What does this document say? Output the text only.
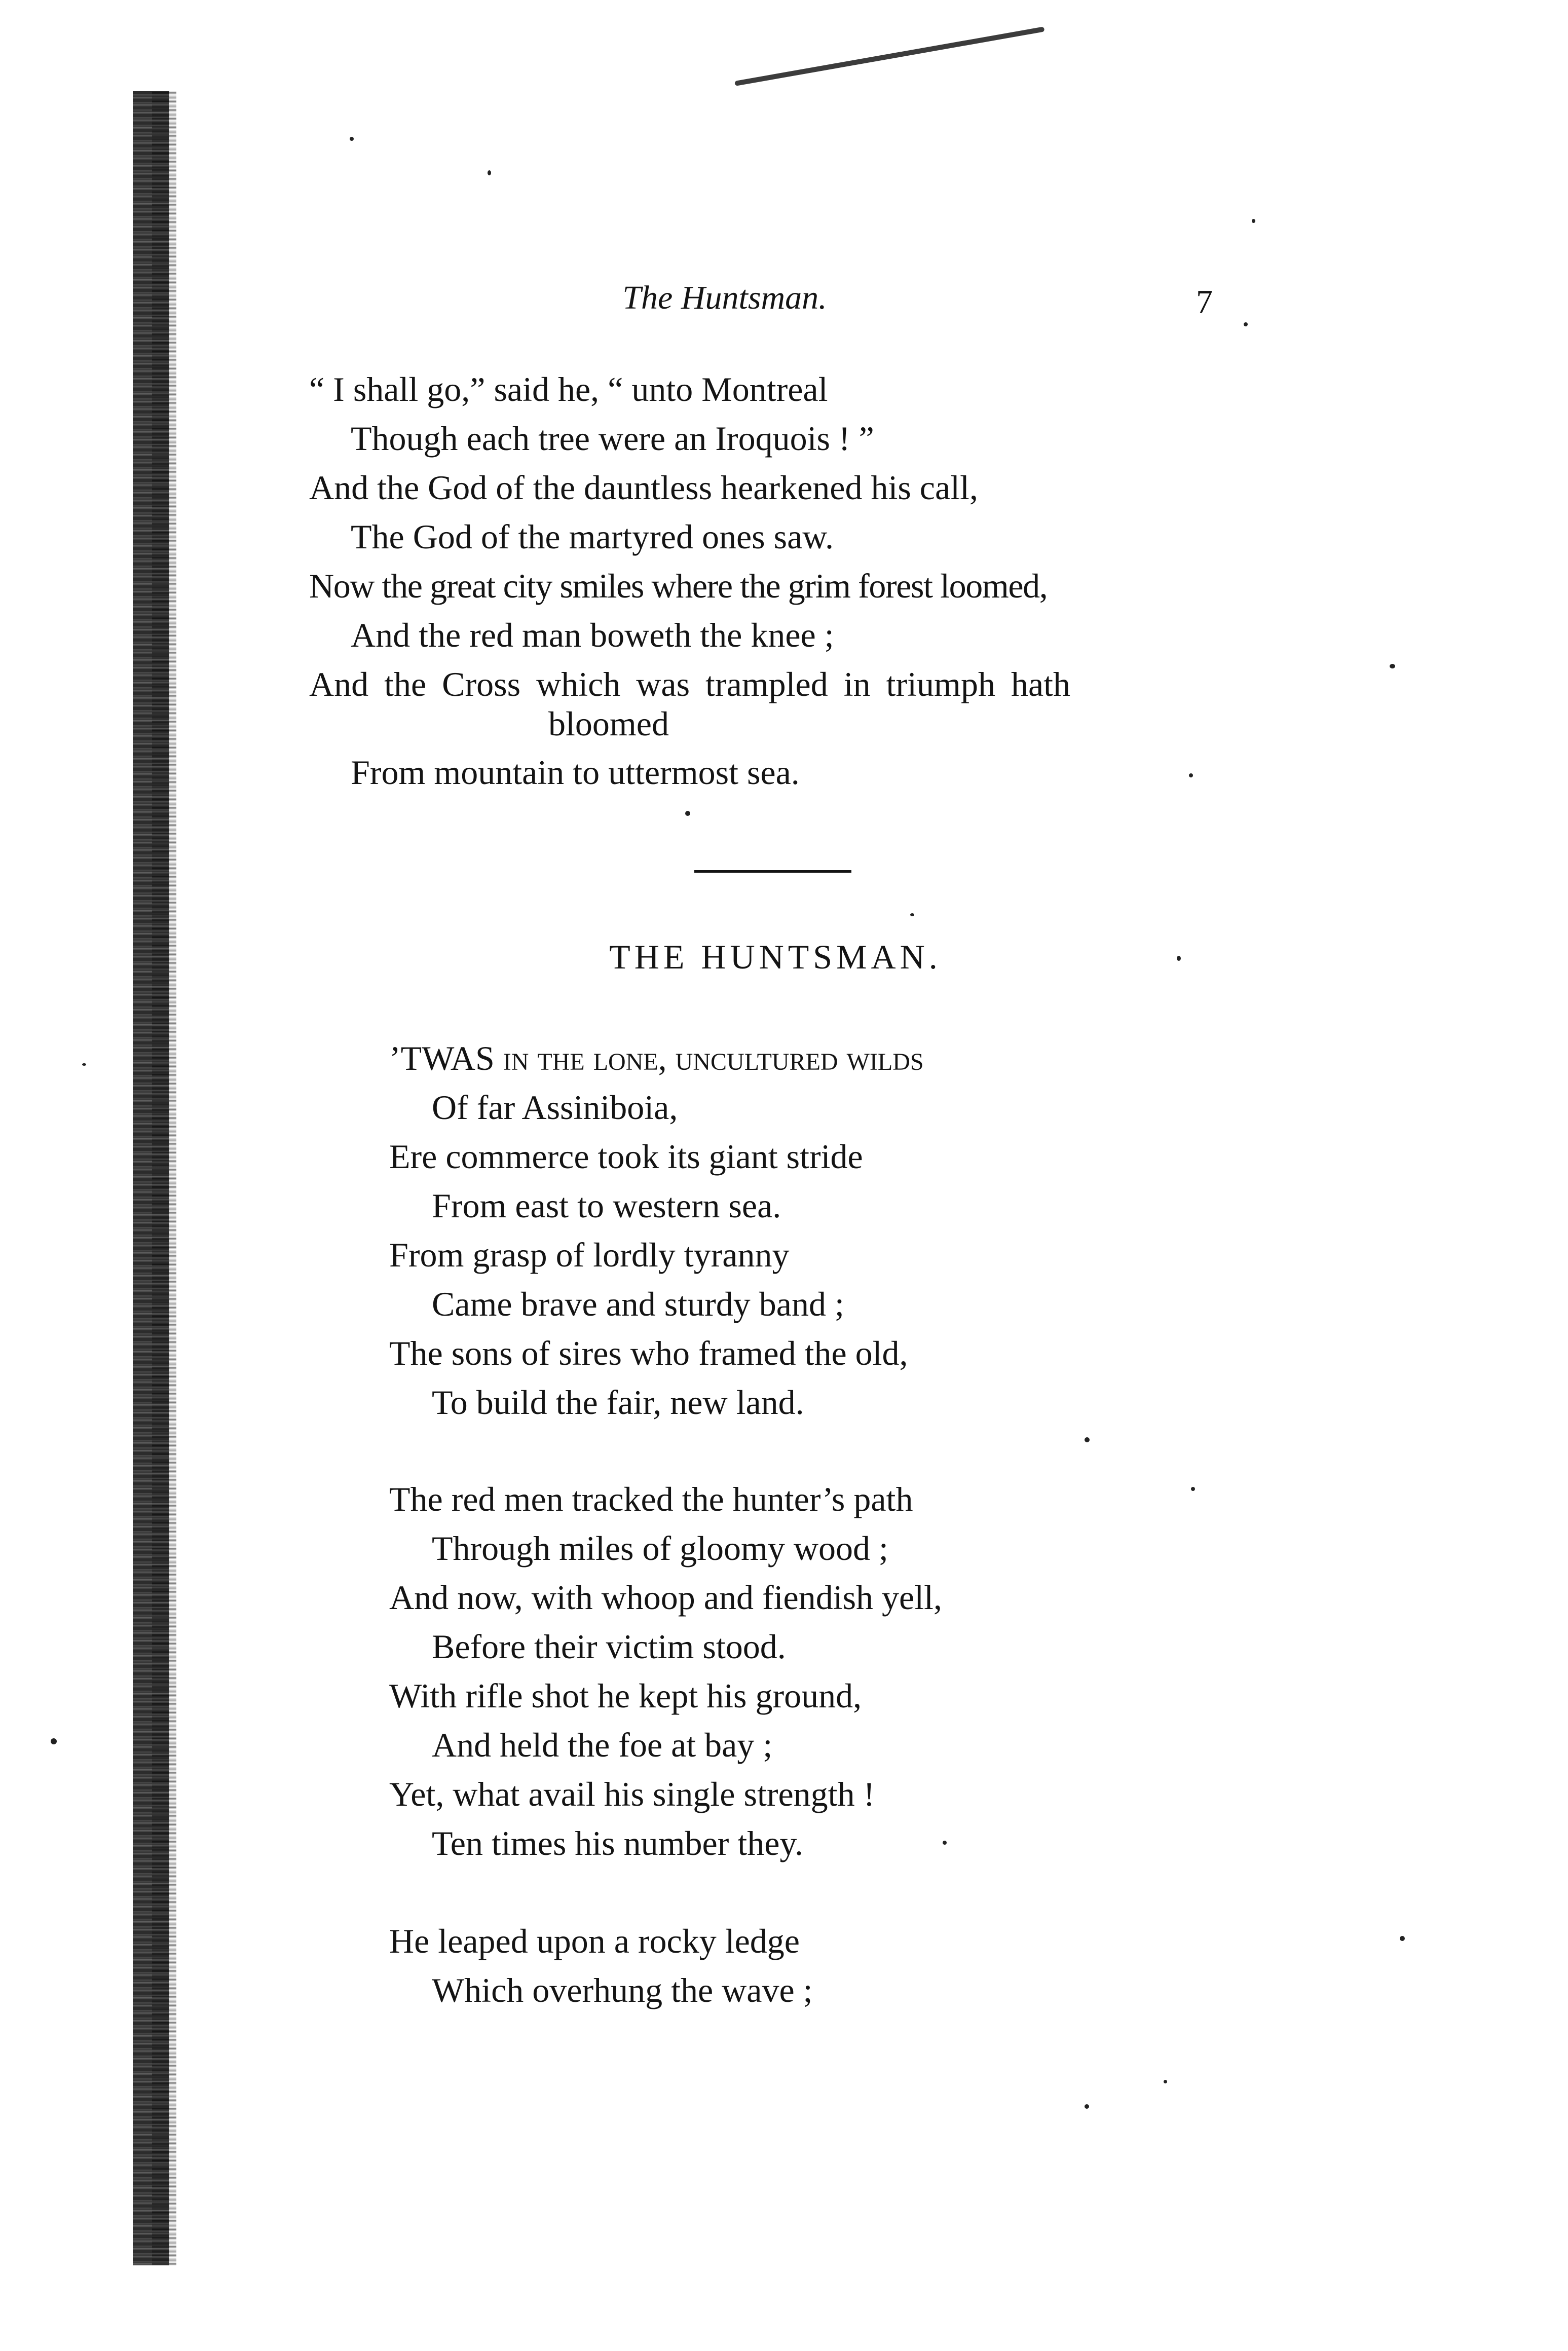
The Huntsman.	7
“ I shall go,” said he, “ unto Montreal
Though each tree were an Iroquois ! ”
And the God of the dauntless hearkened his call,
The God of the martyred ones saw.
Now the great city smiles where the grim forest loomed,
And the red man boweth the knee ;
And the Cross which was trampled in triumph hath
bloomed
From mountain to uttermost sea.
THE HUNTSMAN.
’TWAS in the lone, uncultured wilds
Of far Assiniboia,
Ere commerce took its giant stride
From east to western sea.
From grasp of lordly tyranny
Came brave and sturdy band ;
The sons of sires who framed the old,
To build the fair, new land.
The red men tracked the hunter’s path
Through miles of gloomy wood ;
And now, with whoop and fiendish yell,
Before their victim stood.
With rifle shot he kept his ground,
And held the foe at bay ;
Yet, what avail his single strength !
Ten times his number they.
He leaped upon a rocky ledge
Which overhung the wave ;
